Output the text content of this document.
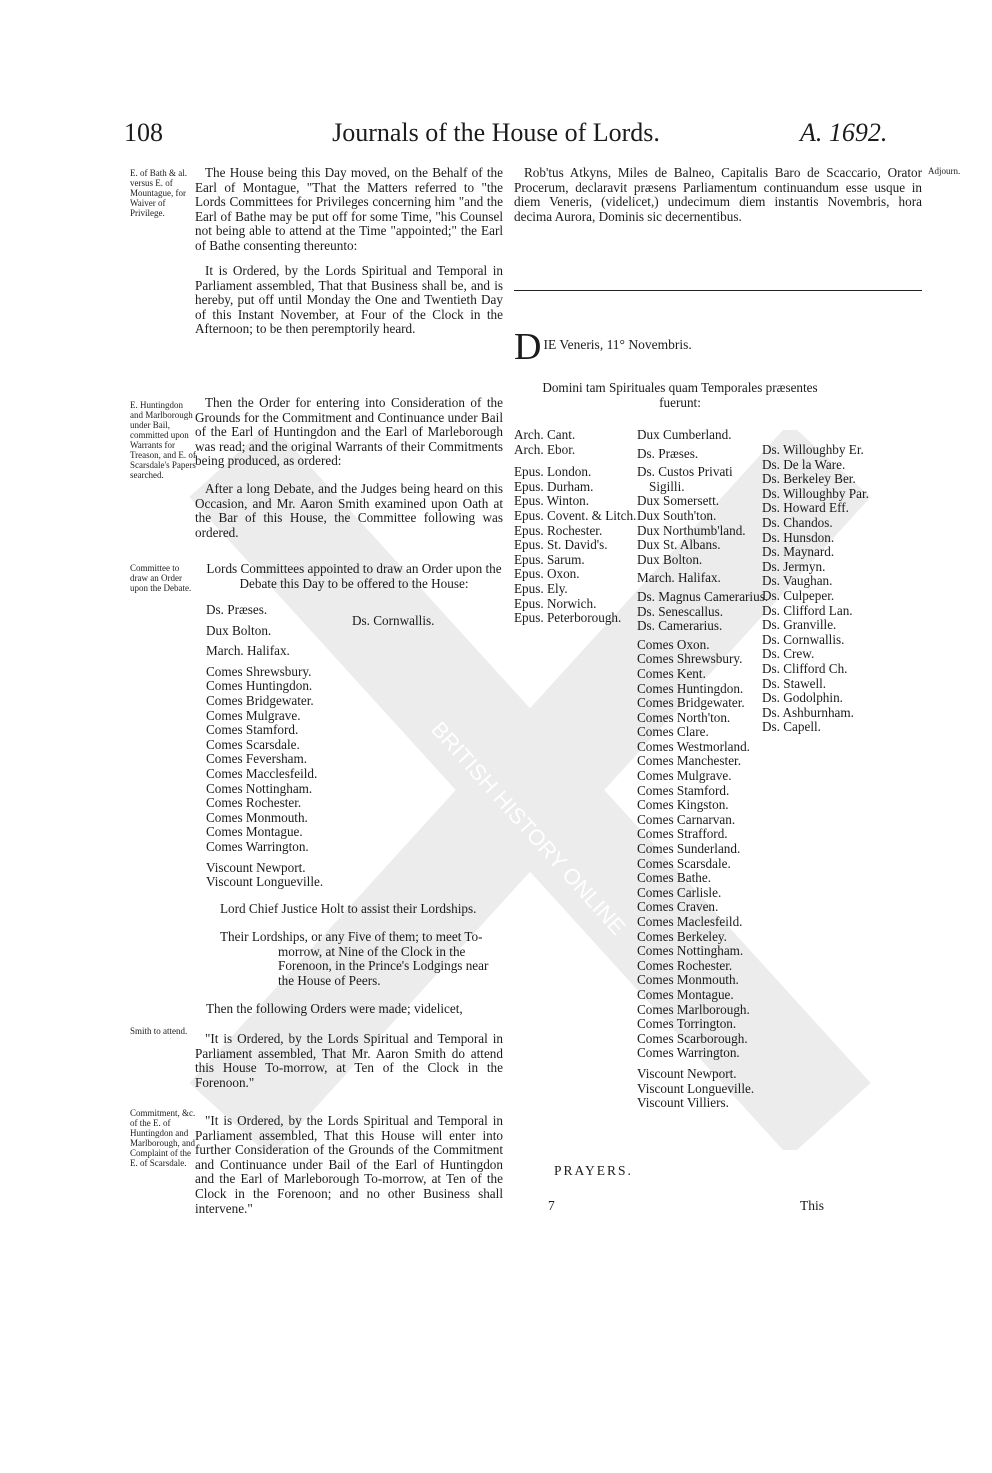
BRITISH HISTORY ONLINE
108	Journals of the House of Lords.	A. 1692.
E. of Bath & al. versus E. of Mountague, for Waiver of Privilege.
E. Huntingdon and Marlborough under Bail, committed upon Warrants for Treason, and E. of Scarsdale's Papers searched.
Committee to draw an Order upon the Debate.
Smith to attend.
Commitment, &c. of the E. of Huntingdon and Marlborough, and Complaint of the E. of Scarsdale.
Adjourn.
The House being this Day moved, on the Behalf of the Earl of Montague, "That the Matters referred to "the Lords Committees for Privileges concerning him "and the Earl of Bathe may be put off for some Time, "his Counsel not being able to attend at the Time "appointed;" the Earl of Bathe consenting thereunto:
It is Ordered, by the Lords Spiritual and Temporal in Parliament assembled, That that Business shall be, and is hereby, put off until Monday the One and Twentieth Day of this Instant November, at Four of the Clock in the Afternoon; to be then peremptorily heard.
Then the Order for entering into Consideration of the Grounds for the Commitment and Continuance under Bail of the Earl of Huntingdon and the Earl of Marleborough was read; and the original Warrants of their Commitments being produced, as ordered:
After a long Debate, and the Judges being heard on this Occasion, and Mr. Aaron Smith examined upon Oath at the Bar of this House, the Committee following was ordered.
Lords Committees appointed to draw an Order upon the Debate this Day to be offered to the House:
Ds. Præses.
Dux Bolton.
March. Halifax.
Comes Shrewsbury.
Comes Huntingdon.
Comes Bridgewater.
Comes Mulgrave.
Comes Stamford.
Comes Scarsdale.
Comes Feversham.
Comes Macclesfeild.
Comes Nottingham.
Comes Rochester.
Comes Monmouth.
Comes Montague.
Comes Warrington.
Viscount Newport.
Viscount Longueville.
Ds. Cornwallis.
Lord Chief Justice Holt to assist their Lordships.
Their Lordships, or any Five of them; to meet To-morrow, at Nine of the Clock in the Forenoon, in the Prince's Lodgings near the House of Peers.
Then the following Orders were made; videlicet,
"It is Ordered, by the Lords Spiritual and Temporal in Parliament assembled, That Mr. Aaron Smith do attend this House To-morrow, at Ten of the Clock in the Forenoon."
"It is Ordered, by the Lords Spiritual and Temporal in Parliament assembled, That this House will enter into further Consideration of the Grounds of the Commitment and Continuance under Bail of the Earl of Huntingdon and the Earl of Marleborough To-morrow, at Ten of the Clock in the Forenoon; and no other Business shall intervene."
Rob'tus Atkyns, Miles de Balneo, Capitalis Baro de Scaccario, Orator Procerum, declaravit præsens Parliamentum continuandum esse usque in diem Veneris, (videlicet,) undecimum diem instantis Novembris, hora decima Aurora, Dominis sic decernentibus.
D $_{IE Veneris, 11^\circ Novembris.}$
Domini tam Spirituales quam Temporales præsentes fuerunt:
Arch. Cant.
Arch. Ebor.
Epus. London.
Epus. Durham.
Epus. Winton.
Epus. Covent. & Litch.
Epus. Rochester.
Epus. St. David's.
Epus. Sarum.
Epus. Oxon.
Epus. Ely.
Epus. Norwich.
Epus. Peterborough.
Dux Cumberland.
Ds. Præses.
Ds. Custos Privati Sigilli.
Dux Somersett.
Dux South'ton.
Dux Northumb'land.
Dux St. Albans.
Dux Bolton.
March. Halifax.
Ds. Magnus Camerarius.
Ds. Senescallus.
Ds. Camerarius.
Comes Oxon.
Comes Shrewsbury.
Comes Kent.
Comes Huntingdon.
Comes Bridgewater.
Comes North'ton.
Comes Clare.
Comes Westmorland.
Comes Manchester.
Comes Mulgrave.
Comes Stamford.
Comes Kingston.
Comes Carnarvan.
Comes Strafford.
Comes Sunderland.
Comes Scarsdale.
Comes Bathe.
Comes Carlisle.
Comes Craven.
Comes Maclesfeild.
Comes Berkeley.
Comes Nottingham.
Comes Rochester.
Comes Monmouth.
Comes Montague.
Comes Marlborough.
Comes Torrington.
Comes Scarborough.
Comes Warrington.
Viscount Newport.
Viscount Longueville.
Viscount Villiers.
Ds. Willoughby Er.
Ds. De la Ware.
Ds. Berkeley Ber.
Ds. Willoughby Par.
Ds. Howard Eff.
Ds. Chandos.
Ds. Hunsdon.
Ds. Maynard.
Ds. Jermyn.
Ds. Vaughan.
Ds. Culpeper.
Ds. Clifford Lan.
Ds. Granville.
Ds. Cornwallis.
Ds. Crew.
Ds. Clifford Ch.
Ds. Stawell.
Ds. Godolphin.
Ds. Ashburnham.
Ds. Capell.
PRAYERS.
7	This
